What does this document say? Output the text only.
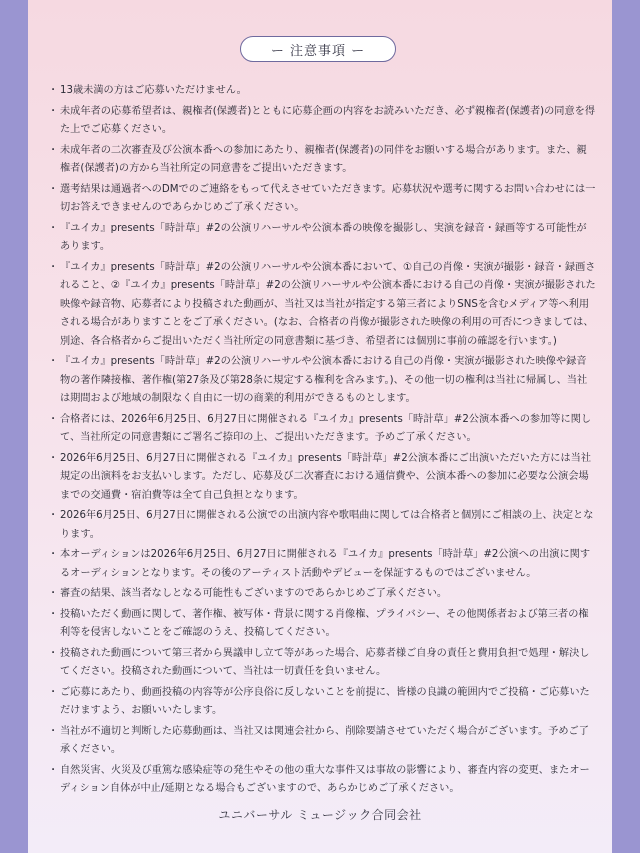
ー 注意事項 ー
・ 13歳未満の方はご応募いただけません。
・ 未成年者の応募希望者は、親権者(保護者)とともに応募企画の内容をお読みいただき、必ず親権者(保護者)の同意を得た上でご応募ください。
・ 未成年者の二次審査及び公演本番への参加にあたり、親権者(保護者)の同伴をお願いする場合があります。また、親権者(保護者)の方から当社所定の同意書をご提出いただきます。
・ 選考結果は通過者へのDMでのご連絡をもって代えさせていただきます。応募状況や選考に関するお問い合わせには一切お答えできませんのであらかじめご了承ください。
・ 『ユイカ』presents「時計草」#2の公演リハーサルや公演本番の映像を撮影し、実演を録音・録画等する可能性があります。
・ 『ユイカ』presents「時計草」#2の公演リハーサルや公演本番において、①自己の肖像・実演が撮影・録音・録画されること、②『ユイカ』presents「時計草」#2の公演リハーサルや公演本番における自己の肖像・実演が撮影された映像や録音物、応募者により投稿された動画が、当社又は当社が指定する第三者によりSNSを含むメディア等へ利用される場合がありますことをご了承ください。(なお、合格者の肖像が撮影された映像の利用の可否につきましては、別途、各合格者からご提出いただく当社所定の同意書類に基づき、希望者には個別に事前の確認を行います。)
・ 『ユイカ』presents「時計草」#2の公演リハーサルや公演本番における自己の肖像・実演が撮影された映像や録音物の著作隣接権、著作権(第27条及び第28条に規定する権利を含みます。)、その他一切の権利は当社に帰属し、当社は期間および地域の制限なく自由に一切の商業的利用ができるものとします。
・ 合格者には、2026年6月25日、6月27日に開催される『ユイカ』presents「時計草」#2公演本番への参加等に関して、当社所定の同意書類にご署名ご捺印の上、ご提出いただきます。予めご了承ください。
・ 2026年6月25日、6月27日に開催される『ユイカ』presents「時計草」#2公演本番にご出演いただいた方には当社規定の出演料をお支払いします。ただし、応募及び二次審査における通信費や、公演本番への参加に必要な公演会場までの交通費・宿泊費等は全て自己負担となります。
・ 2026年6月25日、6月27日に開催される公演での出演内容や歌唱曲に関しては合格者と個別にご相談の上、決定となります。
・ 本オーディションは2026年6月25日、6月27日に開催される『ユイカ』presents「時計草」#2公演への出演に関するオーディションとなります。その後のアーティスト活動やデビューを保証するものではございません。
・ 審査の結果、該当者なしとなる可能性もございますのであらかじめご了承ください。
・ 投稿いただく動画に関して、著作権、被写体・背景に関する肖像権、プライバシー、その他関係者および第三者の権利等を侵害しないことをご確認のうえ、投稿してください。
・ 投稿された動画について第三者から異議申し立て等があった場合、応募者様ご自身の責任と費用負担で処理・解決してください。投稿された動画について、当社は一切責任を負いません。
・ ご応募にあたり、動画投稿の内容等が公序良俗に反しないことを前提に、皆様の良識の範囲内でご投稿・ご応募いただけますよう、お願いいたします。
・ 当社が不適切と判断した応募動画は、当社又は関連会社から、削除要請させていただく場合がございます。予めご了承ください。
・ 自然災害、火災及び重篤な感染症等の発生やその他の重大な事件又は事故の影響により、審査内容の変更、またオーディション自体が中止/延期となる場合もございますので、あらかじめご了承ください。
ユニバーサル ミュージック合同会社
